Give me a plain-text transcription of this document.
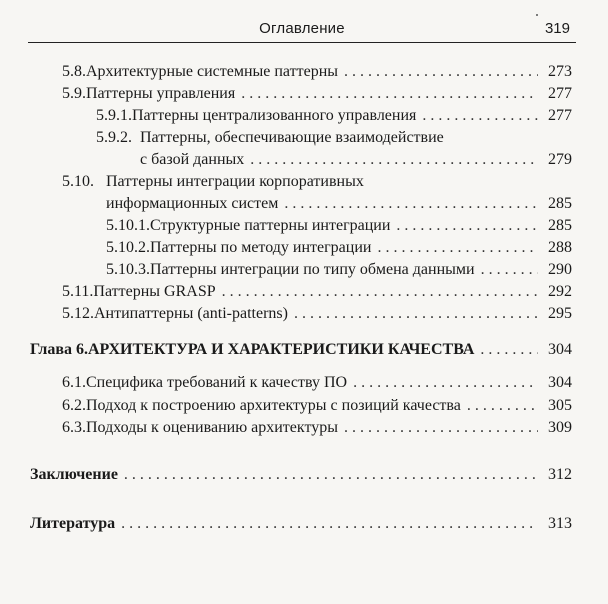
Оглавление	319
5.8. Архитектурные системные паттерны . . .	273
5.9. Паттерны управления . . .	277
5.9.1. Паттерны централизованного управления . . .	277
5.9.2. Паттерны, обеспечивающие взаимодействие
с базой данных . . .	279
5.10. Паттерны интеграции корпоративных
информационных систем . . .	285
5.10.1. Структурные паттерны интеграции . . .	285
5.10.2. Паттерны по методу интеграции . . .	288
5.10.3. Паттерны интеграции по типу обмена данными . . .	290
5.11. Паттерны GRASP . . .	292
5.12. Антипаттерны (anti-patterns) . . .	295
Глава 6. АРХИТЕКТУРА И ХАРАКТЕРИСТИКИ КАЧЕСТВА . . .	304
6.1. Специфика требований к качеству ПО . . .	304
6.2. Подход к построению архитектуры с позиций качества . . .	305
6.3. Подходы к оцениванию архитектуры . . .	309
Заключение . . .	312
Литература . . .	313
